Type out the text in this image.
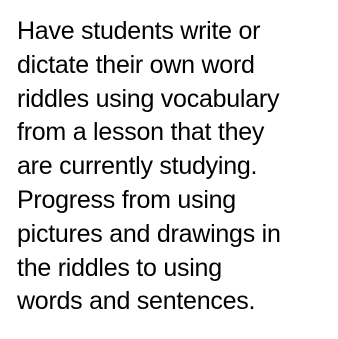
Have students write or
dictate their own word
riddles using vocabulary
from a lesson that they
are currently studying.
Progress from using
pictures and drawings in
the riddles to using
words and sentences.
